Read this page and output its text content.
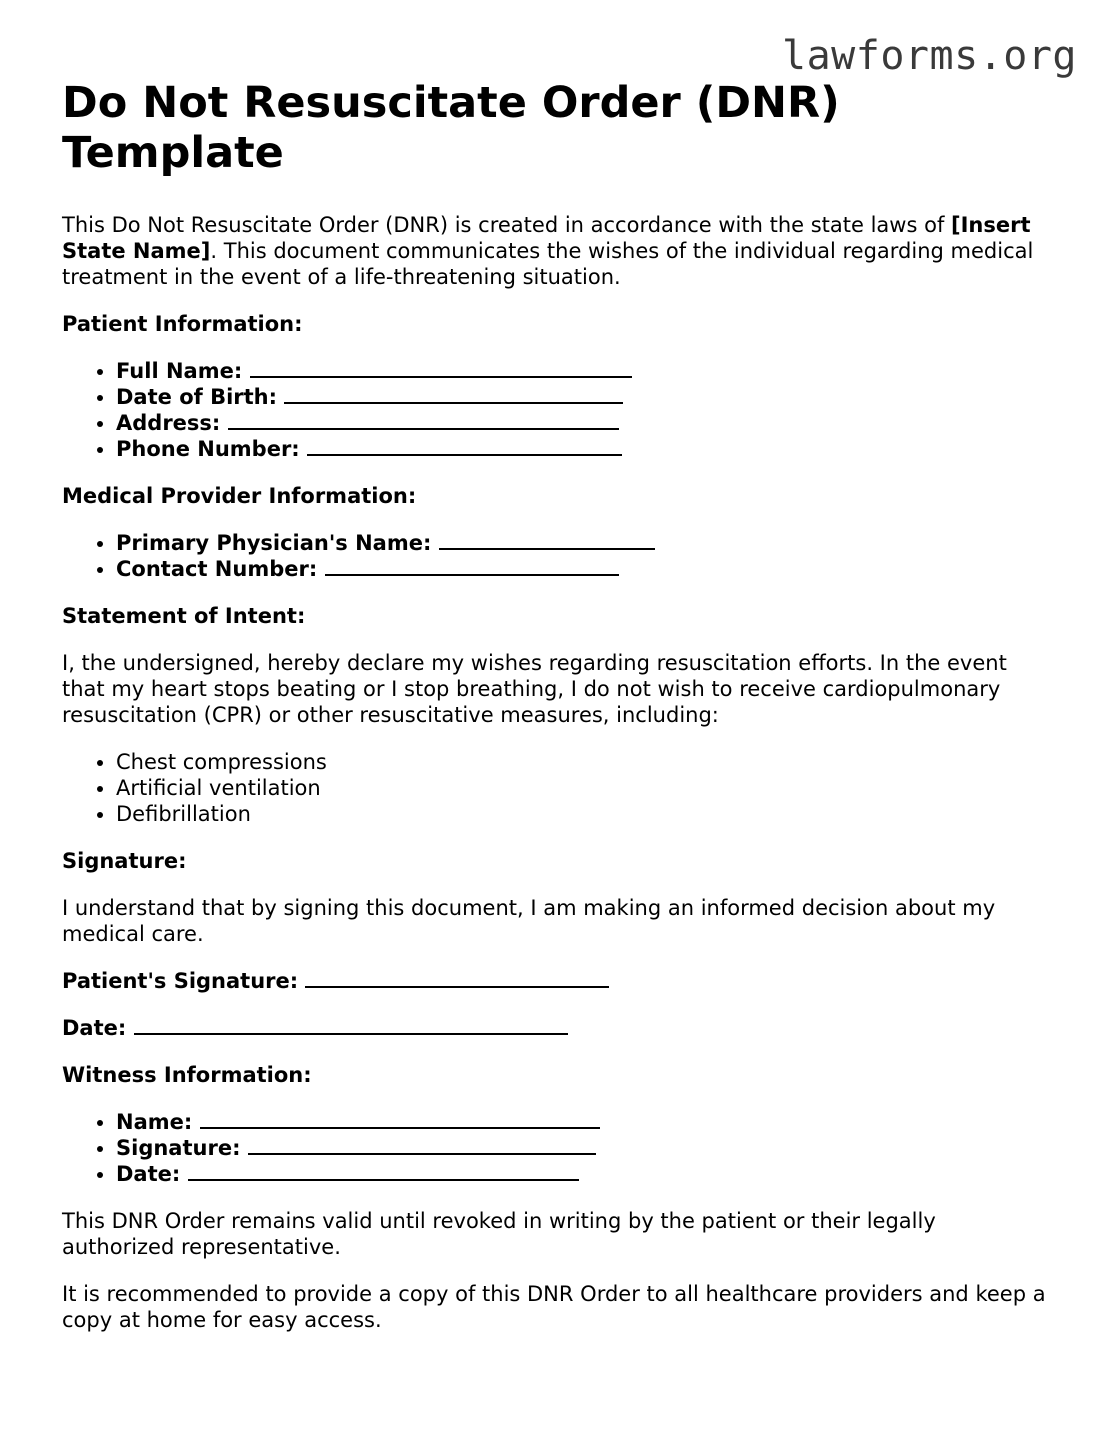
lawforms.org
Do Not Resuscitate Order (DNR) Template

This Do Not Resuscitate Order (DNR) is created in accordance with the state laws of [Insert State Name]. This document communicates the wishes of the individual regarding medical treatment in the event of a life-threatening situation.

Patient Information:

• Full Name:
• Date of Birth:
• Address:
• Phone Number:

Medical Provider Information:

• Primary Physician's Name:
• Contact Number:

Statement of Intent:

I, the undersigned, hereby declare my wishes regarding resuscitation efforts. In the event that my heart stops beating or I stop breathing, I do not wish to receive cardiopulmonary resuscitation (CPR) or other resuscitative measures, including:

• Chest compressions
• Artificial ventilation
• Defibrillation

Signature:

I understand that by signing this document, I am making an informed decision about my medical care.

Patient's Signature:

Date:

Witness Information:

• Name:
• Signature:
• Date:

This DNR Order remains valid until revoked in writing by the patient or their legally authorized representative.

It is recommended to provide a copy of this DNR Order to all healthcare providers and keep a copy at home for easy access.
